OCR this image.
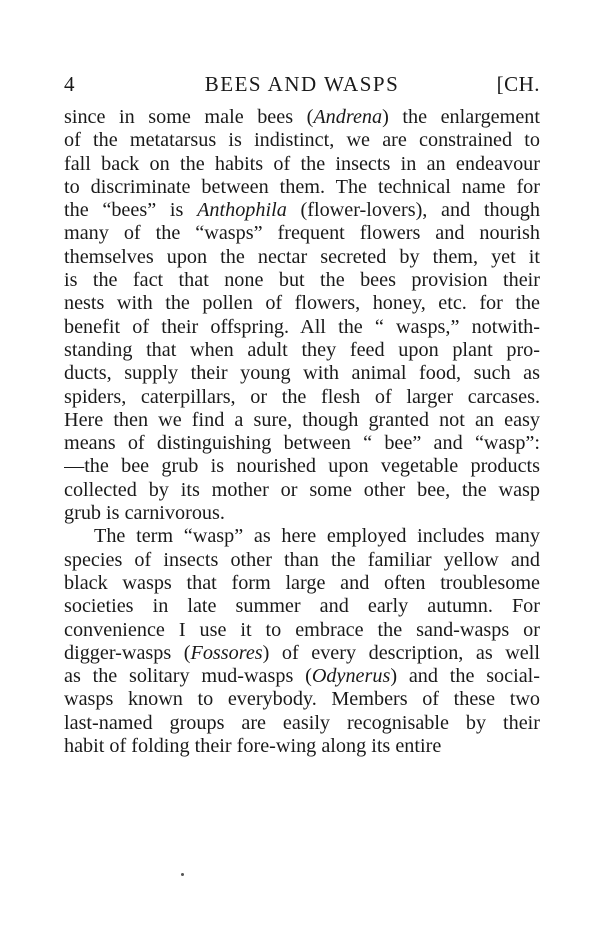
4	BEES AND WASPS	[CH.

since in some male bees (Andrena) the enlargement
of the metatarsus is indistinct, we are constrained to
fall back on the habits of the insects in an endeavour
to discriminate between them. The technical name for
the “bees” is Anthophila (flower-lovers), and though
many of the “wasps” frequent flowers and nourish
themselves upon the nectar secreted by them, yet it
is the fact that none but the bees provision their
nests with the pollen of flowers, honey, etc. for the
benefit of their offspring. All the “ wasps,” notwith-
standing that when adult they feed upon plant pro-
ducts, supply their young with animal food, such as
spiders, caterpillars, or the flesh of larger carcases.
Here then we find a sure, though granted not an easy
means of distinguishing between “ bee” and “wasp”:
—the bee grub is nourished upon vegetable products
collected by its mother or some other bee, the wasp
grub is carnivorous.

The term “wasp” as here employed includes many
species of insects other than the familiar yellow and
black wasps that form large and often troublesome
societies in late summer and early autumn. For
convenience I use it to embrace the sand-wasps or
digger-wasps (Fossores) of every description, as well
as the solitary mud-wasps (Odynerus) and the social-
wasps known to everybody. Members of these two
last-named groups are easily recognisable by their
habit of folding their fore-wing along its entire
